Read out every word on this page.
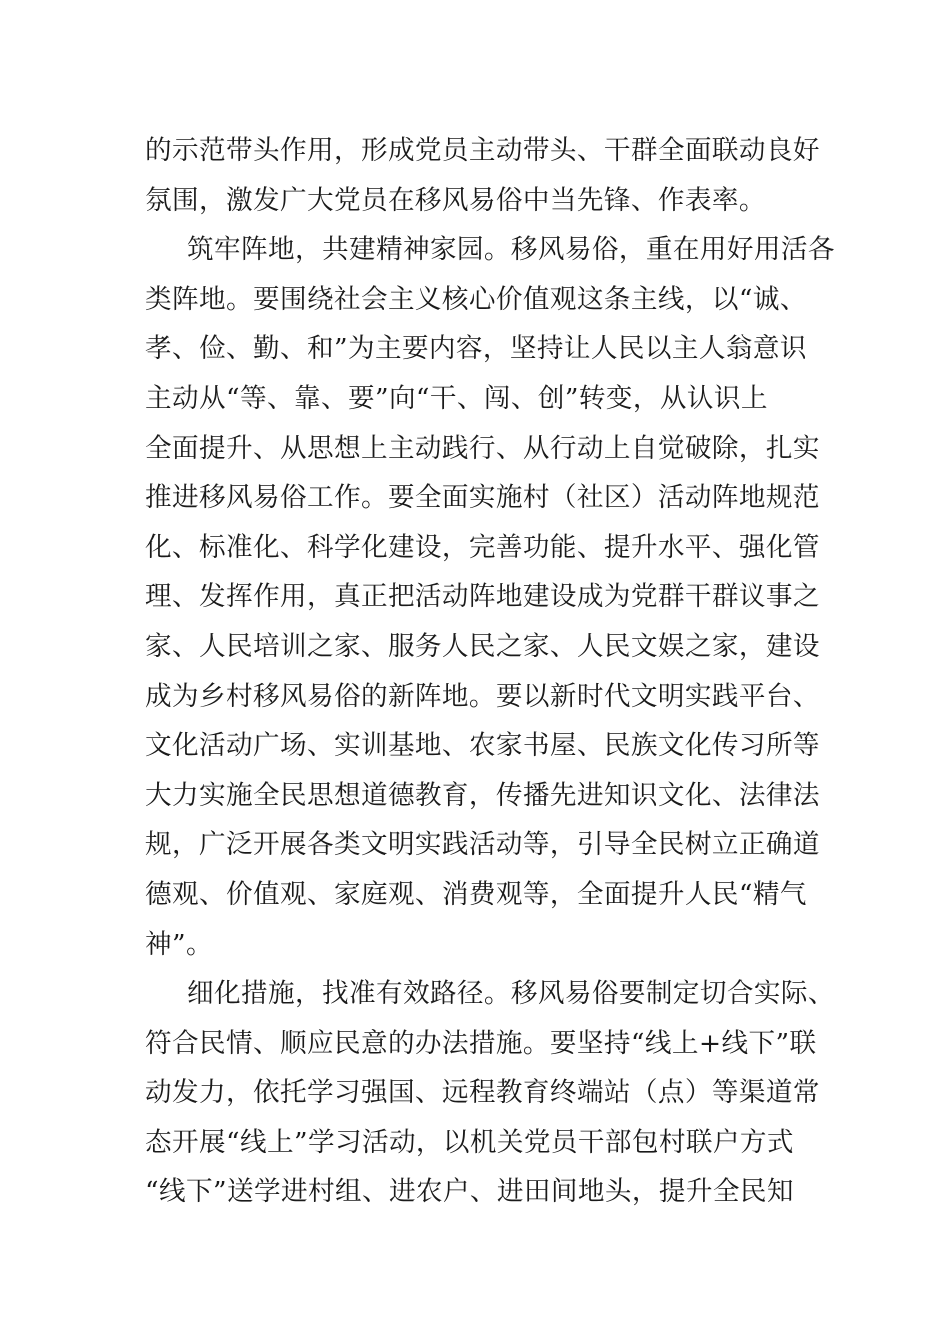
的示范带头作用，形成党员主动带头、干群全面联动良好
氛围，激发广大党员在移风易俗中当先锋、作表率。
筑牢阵地，共建精神家园。移风易俗，重在用好用活各
类阵地。要围绕社会主义核心价值观这条主线，以“诚、
孝、俭、勤、和”为主要内容，坚持让人民以主人翁意识
主动从“等、靠、要”向“干、闯、创”转变，从认识上
全面提升、从思想上主动践行、从行动上自觉破除，扎实
推进移风易俗工作。要全面实施村（社区）活动阵地规范
化、标准化、科学化建设，完善功能、提升水平、强化管
理、发挥作用，真正把活动阵地建设成为党群干群议事之
家、人民培训之家、服务人民之家、人民文娱之家，建设
成为乡村移风易俗的新阵地。要以新时代文明实践平台、
文化活动广场、实训基地、农家书屋、民族文化传习所等
大力实施全民思想道德教育，传播先进知识文化、法律法
规，广泛开展各类文明实践活动等，引导全民树立正确道
德观、价值观、家庭观、消费观等，全面提升人民“精气
神”。
细化措施，找准有效路径。移风易俗要制定切合实际、
符合民情、顺应民意的办法措施。要坚持“线上+线下”联
动发力，依托学习强国、远程教育终端站（点）等渠道常
态开展“线上”学习活动，以机关党员干部包村联户方式
“线下”送学进村组、进农户、进田间地头，提升全民知
